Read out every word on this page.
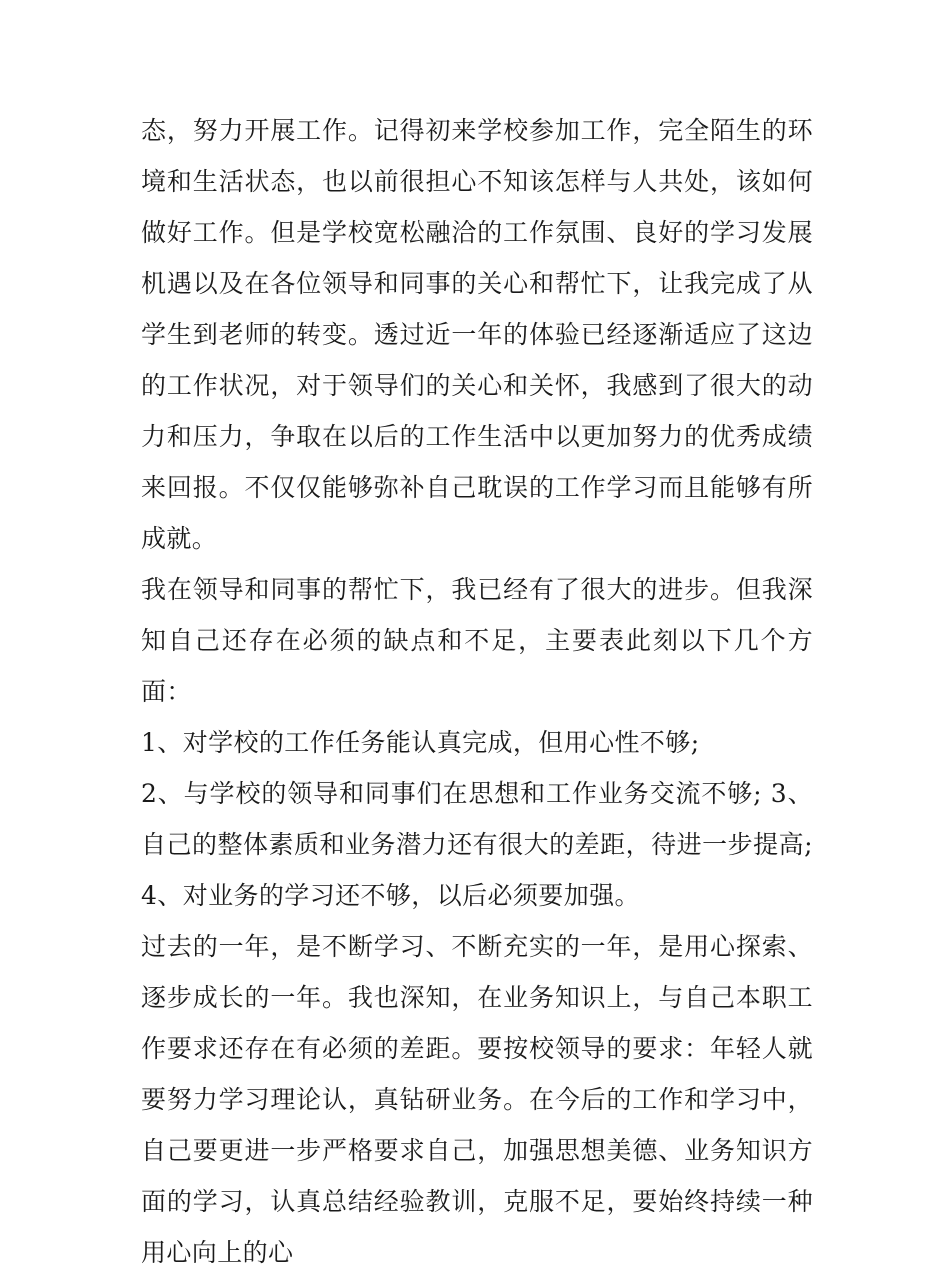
态，努力开展工作。记得初来学校参加工作，完全陌生的环境和生活状态，也以前很担心不知该怎样与人共处，该如何做好工作。但是学校宽松融洽的工作氛围、良好的学习发展机遇以及在各位领导和同事的关心和帮忙下，让我完成了从学生到老师的转变。透过近一年的体验已经逐渐适应了这边的工作状况，对于领导们的关心和关怀，我感到了很大的动力和压力，争取在以后的工作生活中以更加努力的优秀成绩来回报。不仅仅能够弥补自己耽误的工作学习而且能够有所成就。

我在领导和同事的帮忙下，我已经有了很大的进步。但我深知自己还存在必须的缺点和不足，主要表此刻以下几个方面：

1、对学校的工作任务能认真完成，但用心性不够;

2、与学校的领导和同事们在思想和工作业务交流不够; 3、自己的整体素质和业务潜力还有很大的差距，待进一步提高; 4、对业务的学习还不够，以后必须要加强。

过去的一年，是不断学习、不断充实的一年，是用心探索、逐步成长的一年。我也深知，在业务知识上，与自己本职工作要求还存在有必须的差距。要按校领导的要求：年轻人就要努力学习理论认，真钻研业务。在今后的工作和学习中，自己要更进一步严格要求自己，加强思想美德、业务知识方面的学习，认真总结经验教训，克服不足，要始终持续一种用心向上的心
